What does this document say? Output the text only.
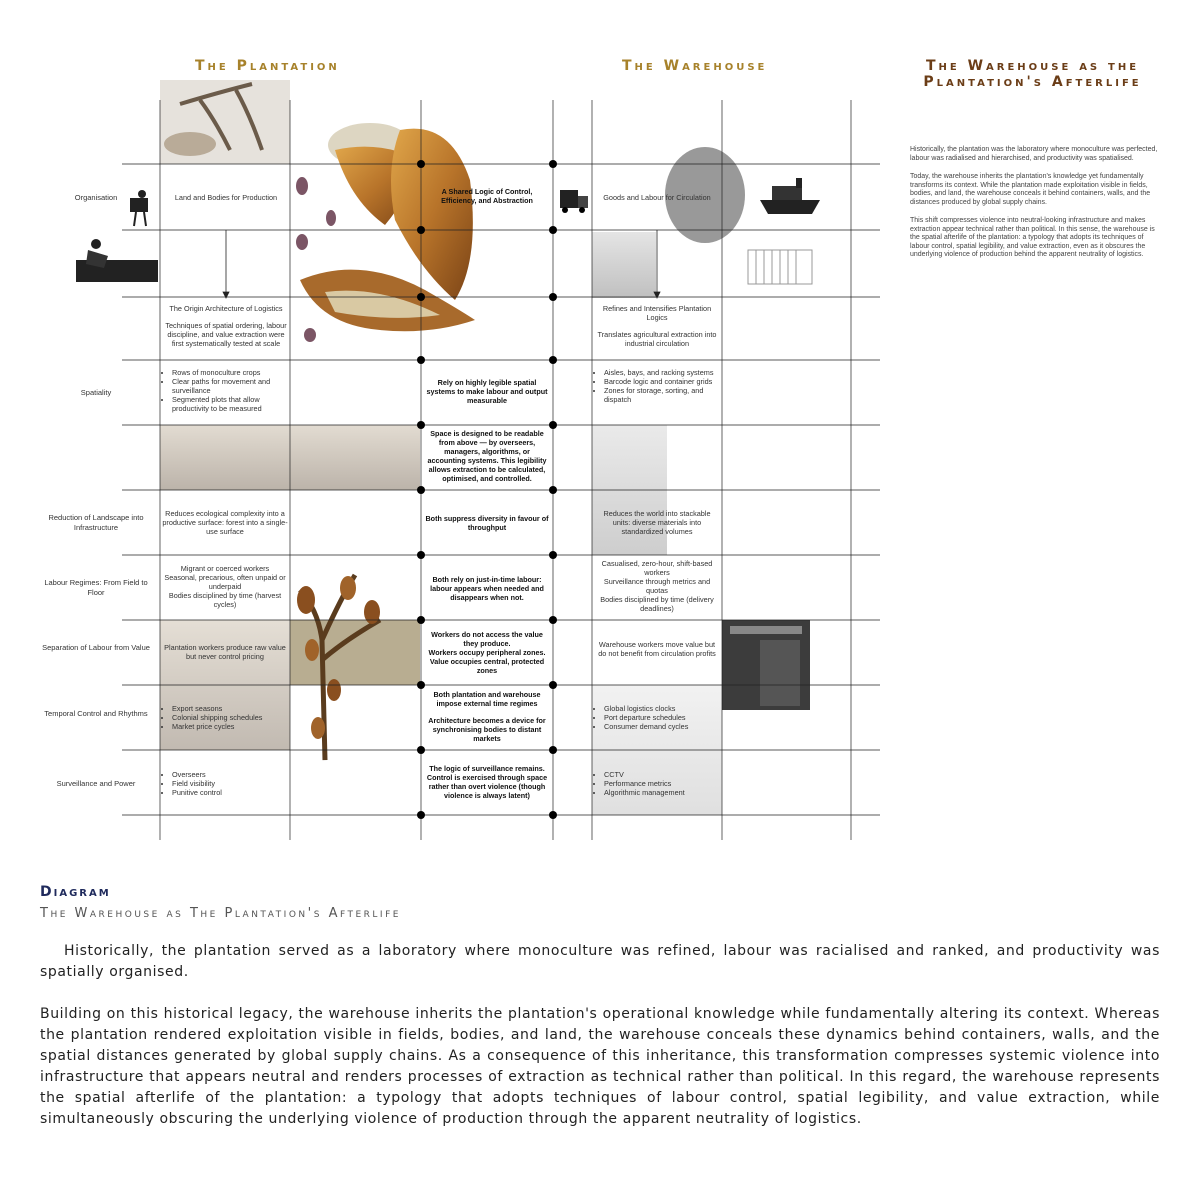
The Plantation	The Warehouse	The Warehouse as the Plantation's Afterlife

Historically, the plantation was the laboratory where monoculture was perfected, labour was radialised and hierarchised, and productivity was spatialised.

Today, the warehouse inherits the plantation's knowledge yet fundamentally transforms its context. While the plantation made exploitation visible in fields, bodies, and land, the warehouse conceals it behind containers, walls, and the distances produced by global supply chains.

This shift compresses violence into neutral-looking infrastructure and makes extraction appear technical rather than political. In this sense, the warehouse is the spatial afterlife of the plantation: a typology that adopts its techniques of labour control, spatial legibility, and value extraction, even as it obscures the underlying violence of production behind the apparent neutrality of logistics.

Organisation
Spatiality
Reduction of Landscape into Infrastructure
Labour Regimes: From Field to Floor
Separation of Labour from Value
Temporal Control and Rhythms
Surveillance and Power
Land and Bodies for Production

The Origin Architecture of Logistics

Techniques of spatial ordering, labour discipline, and value extraction were first systematically tested at scale

• Rows of monoculture crops
• Clear paths for movement and surveillance
• Segmented plots that allow productivity to be measured
Reduces ecological complexity into a productive surface: forest into a single-use surface

Migrant or coerced workers

Seasonal, precarious, often unpaid or underpaid

Bodies disciplined by time (harvest cycles)

Plantation workers produce raw value but never control pricing
• Export seasons
• Colonial shipping schedules
• Market price cycles
• Overseers
• Field visibility
• Punitive control
A Shared Logic of Control, Efficiency, and Abstraction
Rely on highly legible spatial systems to make labour and output measurable
Space is designed to be readable from above — by overseers, managers, algorithms, or accounting systems. This legibility allows extraction to be calculated, optimised, and controlled.
Both suppress diversity in favour of throughput
Both rely on just-in-time labour: labour appears when needed and disappears when not.

Workers do not access the value they produce.

Workers occupy peripheral zones.

Value occupies central, protected zones

Both plantation and warehouse impose external time regimes

Architecture becomes a device for synchronising bodies to distant markets

The logic of surveillance remains. Control is exercised through space rather than overt violence (though violence is always latent)
Goods and Labour for Circulation

Refines and Intensifies Plantation Logics

Translates agricultural extraction into industrial circulation

• Aisles, bays, and racking systems
• Barcode logic and container grids
• Zones for storage, sorting, and dispatch
Reduces the world into stackable units: diverse materials into standardized volumes

Casualised, zero-hour, shift-based workers

Surveillance through metrics and quotas

Bodies disciplined by time (delivery deadlines)

Warehouse workers move value but do not benefit from circulation profits
• Global logistics clocks
• Port departure schedules
• Consumer demand cycles
• CCTV
• Performance metrics
• Algorithmic management
Diagram
The Warehouse as The Plantation's Afterlife
Historically, the plantation served as a laboratory where monoculture was refined, labour was racialised and ranked, and productivity was spatially organised.
Building on this historical legacy, the warehouse inherits the plantation's operational knowledge while fundamentally altering its context. Whereas the plantation rendered exploitation visible in fields, bodies, and land, the warehouse conceals these dynamics behind containers, walls, and the spatial distances generated by global supply chains. As a consequence of this inheritance, this transformation compresses systemic violence into infrastructure that appears neutral and renders processes of extraction as technical rather than political. In this regard, the warehouse represents the spatial afterlife of the plantation: a typology that adopts techniques of labour control, spatial legibility, and value extraction, while simultaneously obscuring the underlying violence of production through the apparent neutrality of logistics.
